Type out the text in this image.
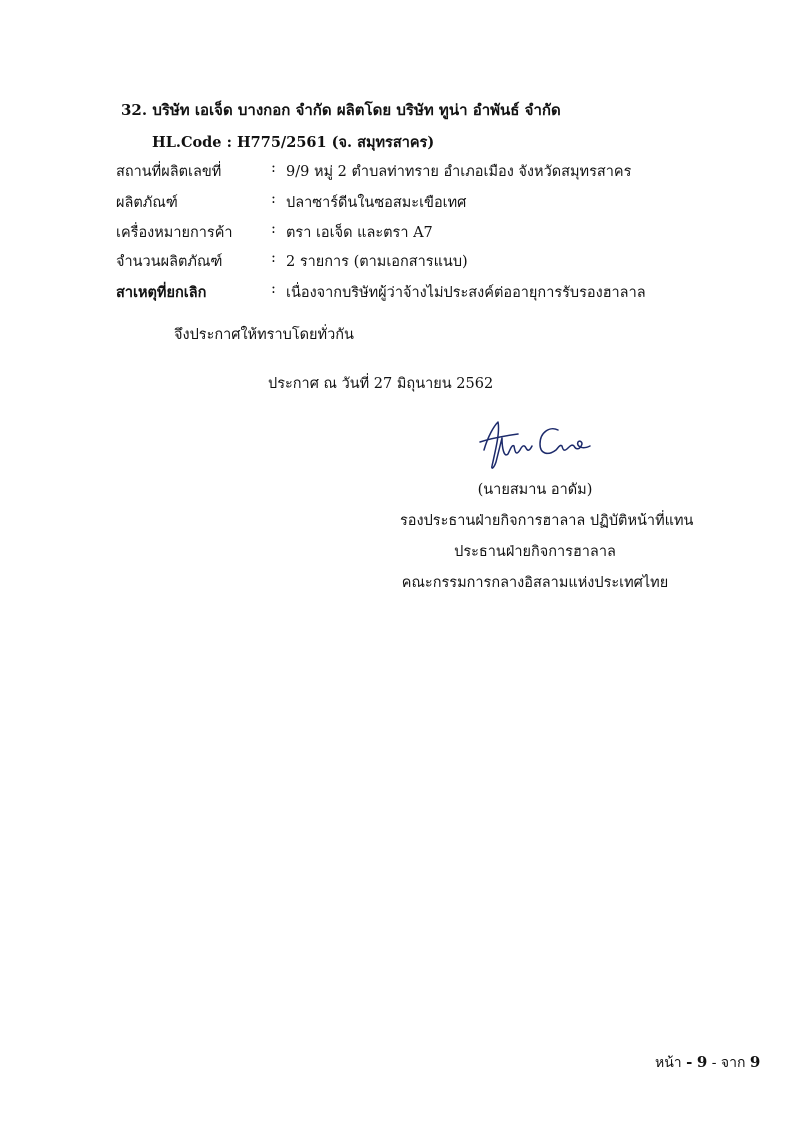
32. บริษัท เอเจ็ด บางกอก จำกัด ผลิตโดย บริษัท ทูน่า อำพันธ์ จำกัด
HL.Code : H775/2561 (จ. สมุทรสาคร)
สถานที่ผลิตเลขที่	: 9/9 หมู่ 2 ตำบลท่าทราย อำเภอเมือง จังหวัดสมุทรสาคร
ผลิตภัณฑ์	: ปลาซาร์ดีนในซอสมะเขือเทศ
เครื่องหมายการค้า	: ตรา เอเจ็ด และตรา A7
จำนวนผลิตภัณฑ์	: 2 รายการ (ตามเอกสารแนบ)
สาเหตุที่ยกเลิก	: เนื่องจากบริษัทผู้ว่าจ้างไม่ประสงค์ต่ออายุการรับรองฮาลาล
จึงประกาศให้ทราบโดยทั่วกัน
ประกาศ ณ วันที่ 27 มิถุนายน 2562
(นายสมาน อาดัม)
รองประธานฝ่ายกิจการฮาลาล ปฏิบัติหน้าที่แทน
ประธานฝ่ายกิจการฮาลาล
คณะกรรมการกลางอิสลามแห่งประเทศไทย
หน้า - 9 - จาก 9
